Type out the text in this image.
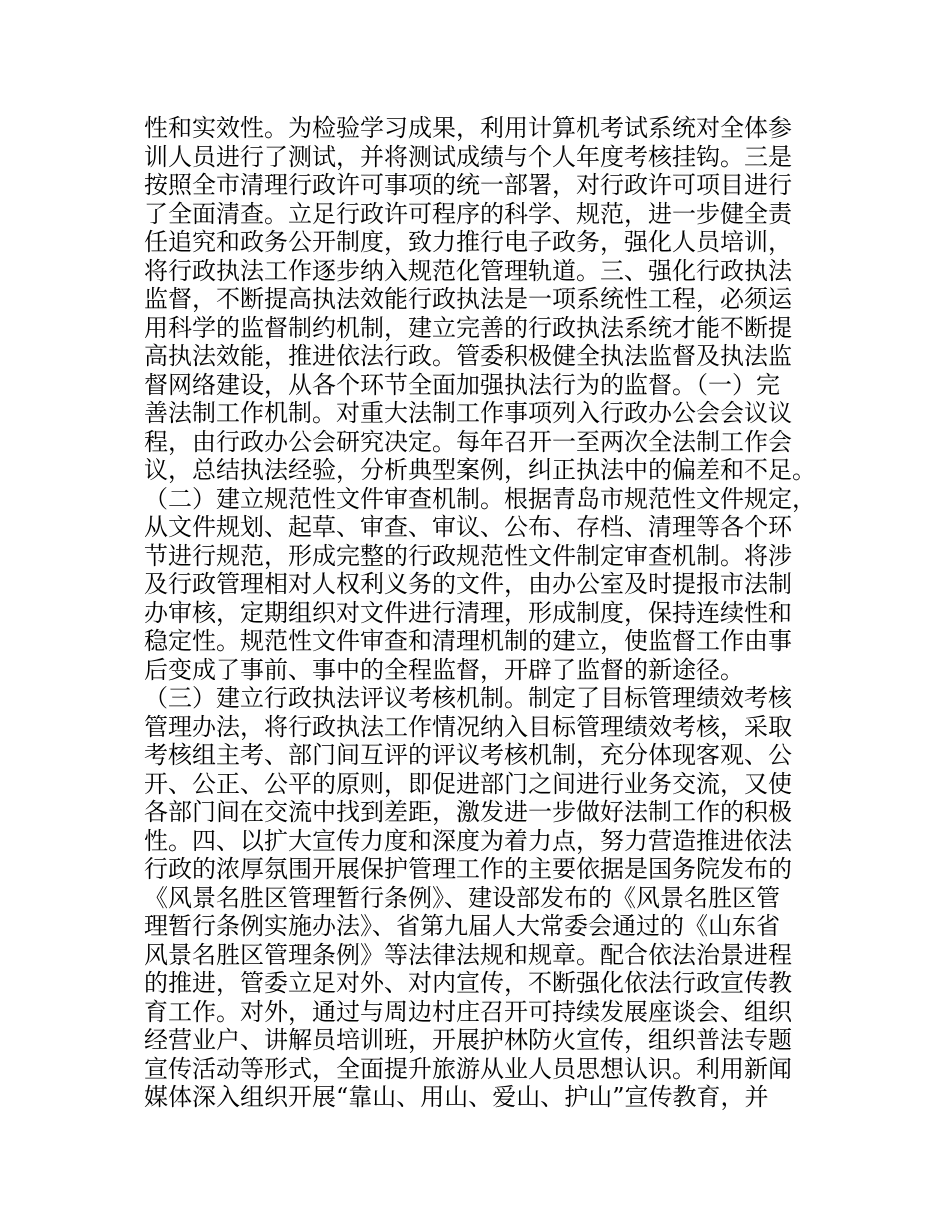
性和实效性。为检验学习成果，利用计算机考试系统对全体参
训人员进行了测试，并将测试成绩与个人年度考核挂钩。三是
按照全市清理行政许可事项的统一部署，对行政许可项目进行
了全面清查。立足行政许可程序的科学、规范，进一步健全责
任追究和政务公开制度，致力推行电子政务，强化人员培训，
将行政执法工作逐步纳入规范化管理轨道。三、强化行政执法
监督，不断提高执法效能行政执法是一项系统性工程，必须运
用科学的监督制约机制，建立完善的行政执法系统才能不断提
高执法效能，推进依法行政。管委积极健全执法监督及执法监
督网络建设，从各个环节全面加强执法行为的监督。（一）完
善法制工作机制。对重大法制工作事项列入行政办公会会议议
程，由行政办公会研究决定。每年召开一至两次全法制工作会
议，总结执法经验，分析典型案例，纠正执法中的偏差和不足。
（二）建立规范性文件审查机制。根据青岛市规范性文件规定，
从文件规划、起草、审查、审议、公布、存档、清理等各个环
节进行规范，形成完整的行政规范性文件制定审查机制。将涉
及行政管理相对人权利义务的文件，由办公室及时提报市法制
办审核，定期组织对文件进行清理，形成制度，保持连续性和
稳定性。规范性文件审查和清理机制的建立，使监督工作由事
后变成了事前、事中的全程监督，开辟了监督的新途径。
（三）建立行政执法评议考核机制。制定了目标管理绩效考核
管理办法，将行政执法工作情况纳入目标管理绩效考核，采取
考核组主考、部门间互评的评议考核机制，充分体现客观、公
开、公正、公平的原则，即促进部门之间进行业务交流，又使
各部门间在交流中找到差距，激发进一步做好法制工作的积极
性。四、以扩大宣传力度和深度为着力点，努力营造推进依法
行政的浓厚氛围开展保护管理工作的主要依据是国务院发布的
《风景名胜区管理暂行条例》、建设部发布的《风景名胜区管
理暂行条例实施办法》、省第九届人大常委会通过的《山东省
风景名胜区管理条例》等法律法规和规章。配合依法治景进程
的推进，管委立足对外、对内宣传，不断强化依法行政宣传教
育工作。对外，通过与周边村庄召开可持续发展座谈会、组织
经营业户、讲解员培训班，开展护林防火宣传，组织普法专题
宣传活动等形式，全面提升旅游从业人员思想认识。利用新闻
媒体深入组织开展“靠山、用山、爱山、护山”宣传教育，并
